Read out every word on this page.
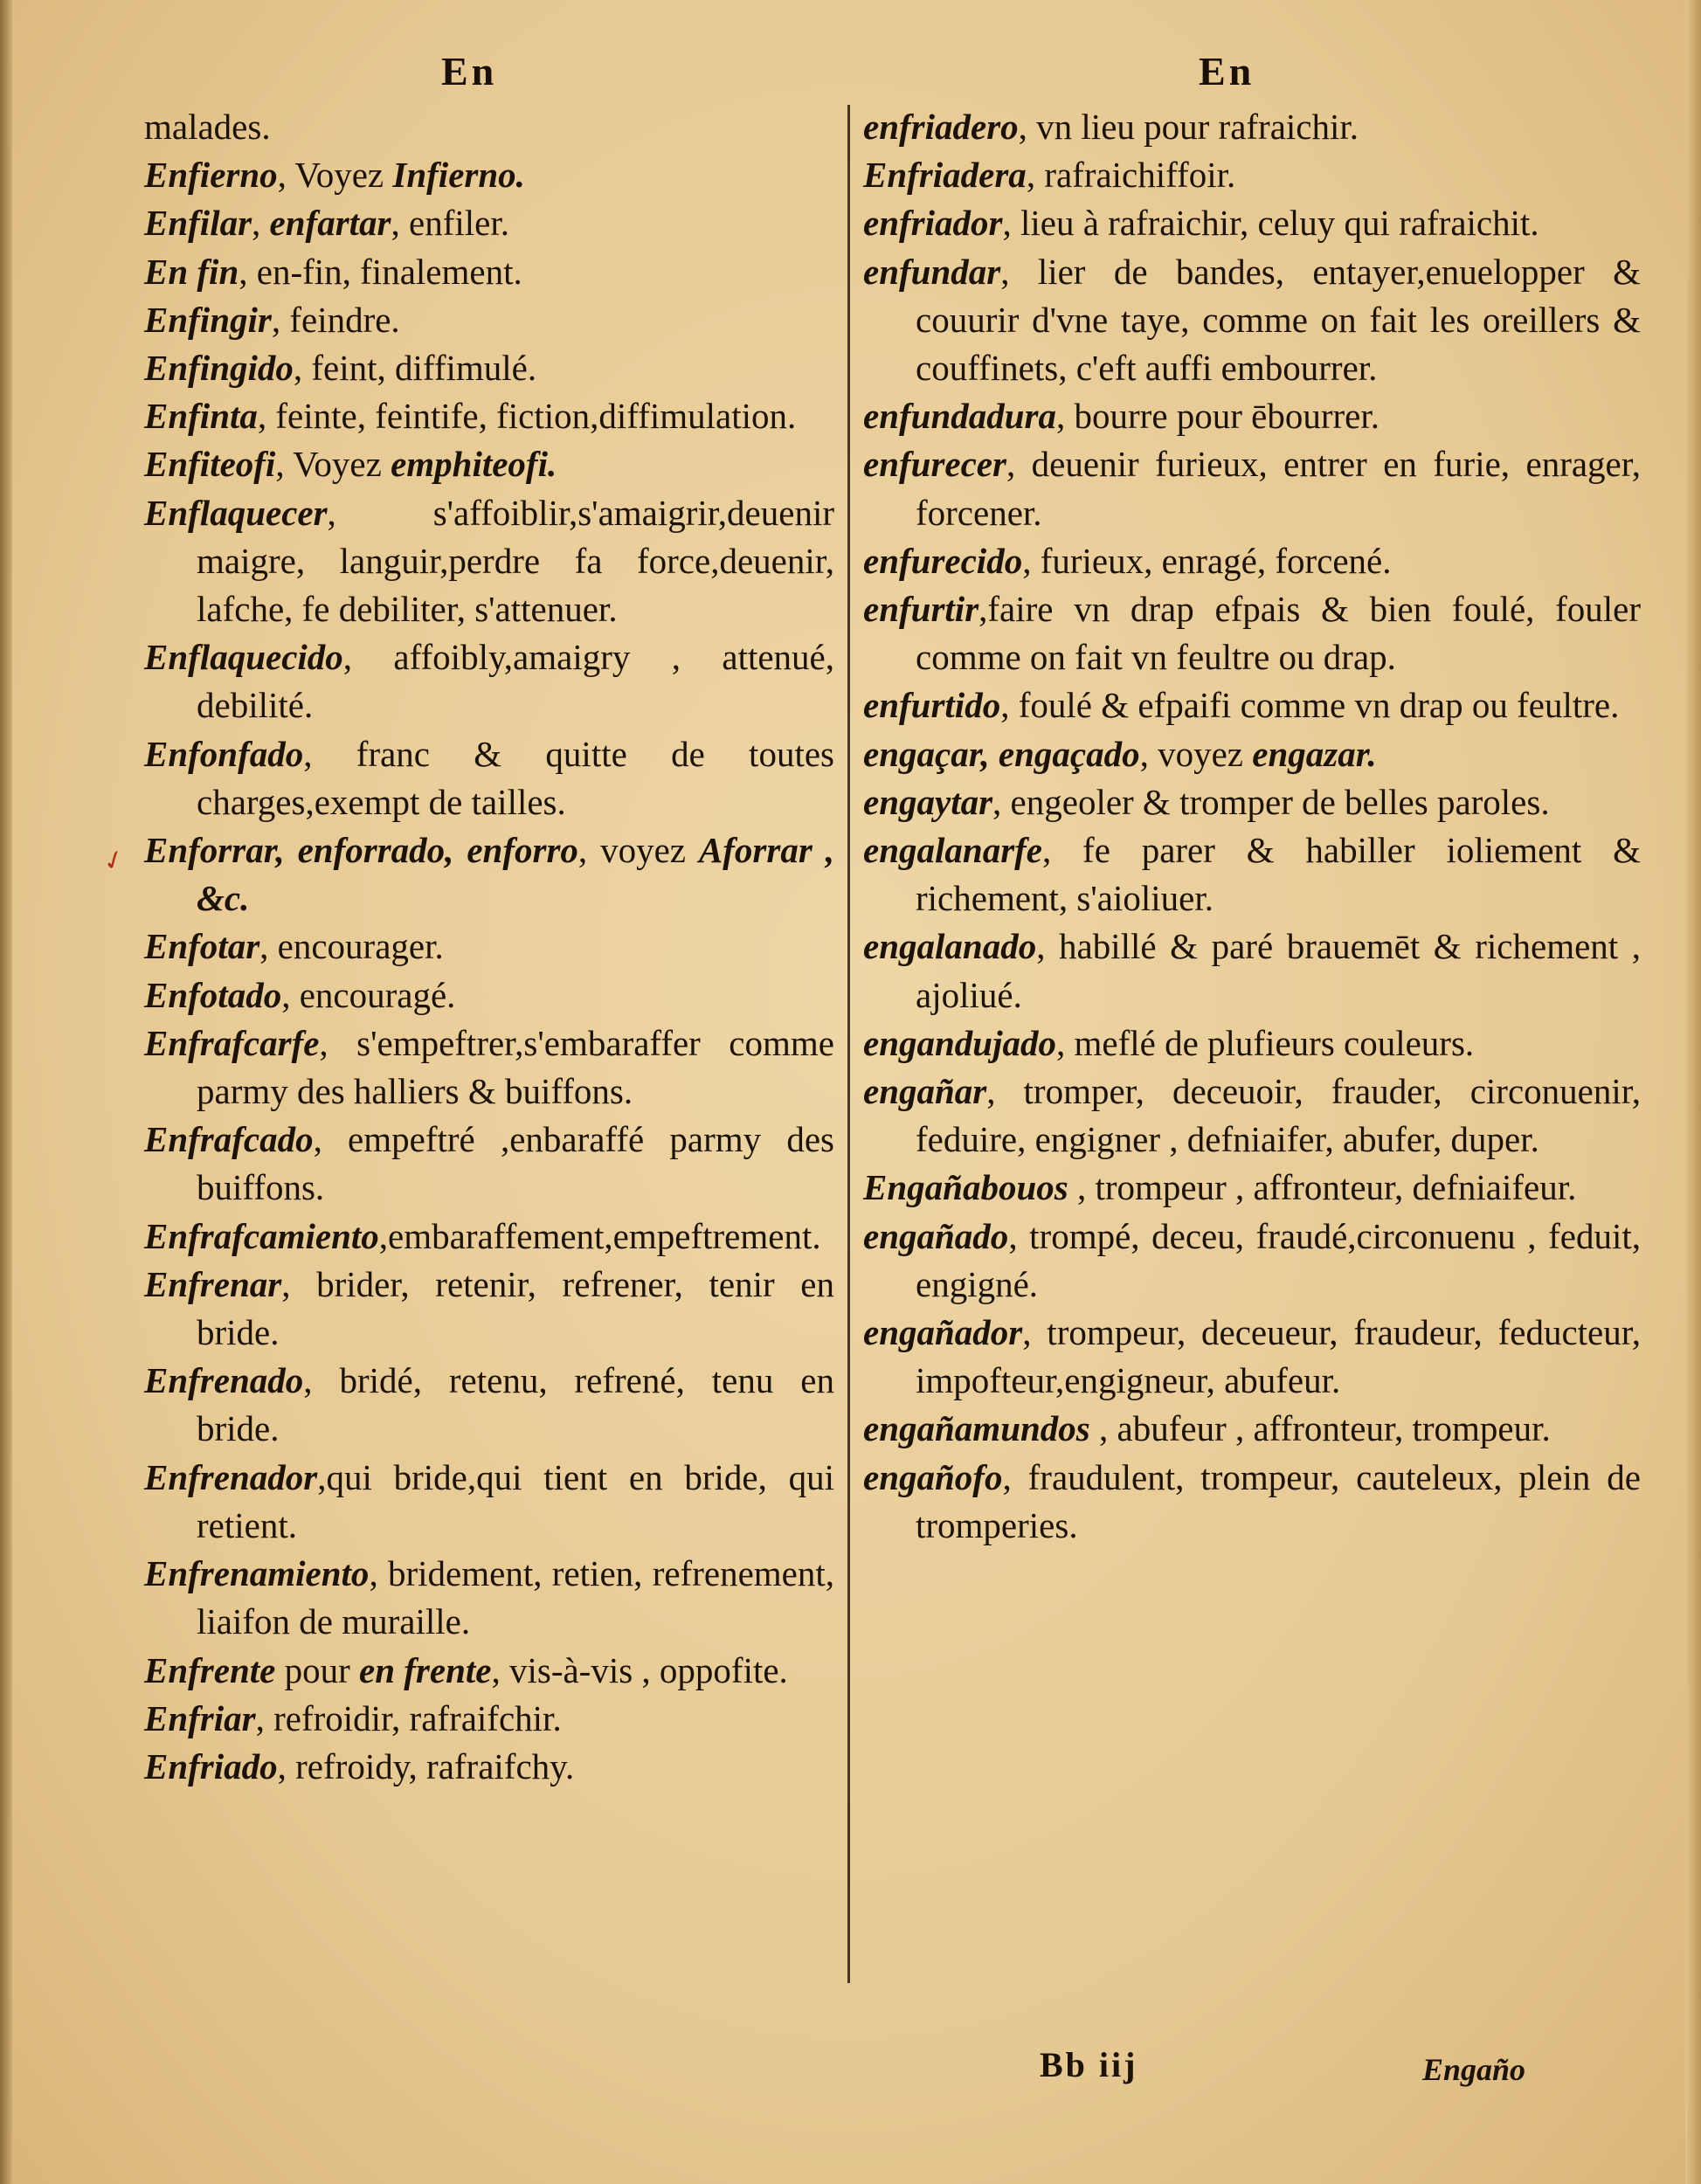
En	En
✓

malades.

Enfierno, Voyez Infierno.

Enfilar, enfartar, enfiler.

En fin, en-fin, finalement.

Enfingir, feindre.

Enfingido, feint, diffimulé.

Enfinta, feinte, feintife, fiction,diffimulation.

Enfiteofi, Voyez emphiteofi.

Enflaquecer, s'affoiblir,s'amaigrir,deuenir maigre, languir,perdre fa force,deuenir, lafche, fe debiliter, s'attenuer.

Enflaquecido, affoibly,amaigry , attenué, debilité.

Enfonfado, franc & quitte de toutes charges,exempt de tailles.

Enforrar, enforrado, enforro, voyez Aforrar , &c.

Enfotar, encourager.

Enfotado, encouragé.

Enfrafcarfe, s'empeftrer,s'embaraffer comme parmy des halliers & buiffons.

Enfrafcado, empeftré ,enbaraffé parmy des buiffons.

Enfrafcamiento,embaraffement,empeftrement.

Enfrenar, brider, retenir, refrener, tenir en bride.

Enfrenado, bridé, retenu, refrené, tenu en bride.

Enfrenador,qui bride,qui tient en bride, qui retient.

Enfrenamiento, bridement, retien, refrenement, liaifon de muraille.

Enfrente pour en frente, vis-à-vis , oppofite.

Enfriar, refroidir, rafraifchir.

Enfriado, refroidy, rafraifchy.

enfriadero, vn lieu pour rafraichir.

Enfriadera, rafraichiffoir.

enfriador, lieu à rafraichir, celuy qui rafraichit.

enfundar, lier de bandes, entayer,enuelopper & couurir d'vne taye, comme on fait les oreillers & couffinets, c'eft auffi embourrer.

enfundadura, bourre pour ēbourrer.

enfurecer, deuenir furieux, entrer en furie, enrager, forcener.

enfurecido, furieux, enragé, forcené.

enfurtir,faire vn drap efpais & bien foulé, fouler comme on fait vn feultre ou drap.

enfurtido, foulé & efpaifi comme vn drap ou feultre.

engaçar, engaçado, voyez engazar.

engaytar, engeoler & tromper de belles paroles.

engalanarfe, fe parer & habiller ioliement & richement, s'aioliuer.

engalanado, habillé & paré brauemēt & richement , ajoliué.

engandujado, meflé de plufieurs couleurs.

engañar, tromper, deceuoir, frauder, circonuenir, feduire, engigner , defniaifer, abufer, duper.

Engañabouos , trompeur , affronteur, defniaifeur.

engañado, trompé, deceu, fraudé,circonuenu , feduit, engigné.

engañador, trompeur, deceueur, fraudeur, feducteur, impofteur,engigneur, abufeur.

engañamundos , abufeur , affronteur, trompeur.

engañofo, fraudulent, trompeur, cauteleux, plein de tromperies.

Bb iij	Engaño
